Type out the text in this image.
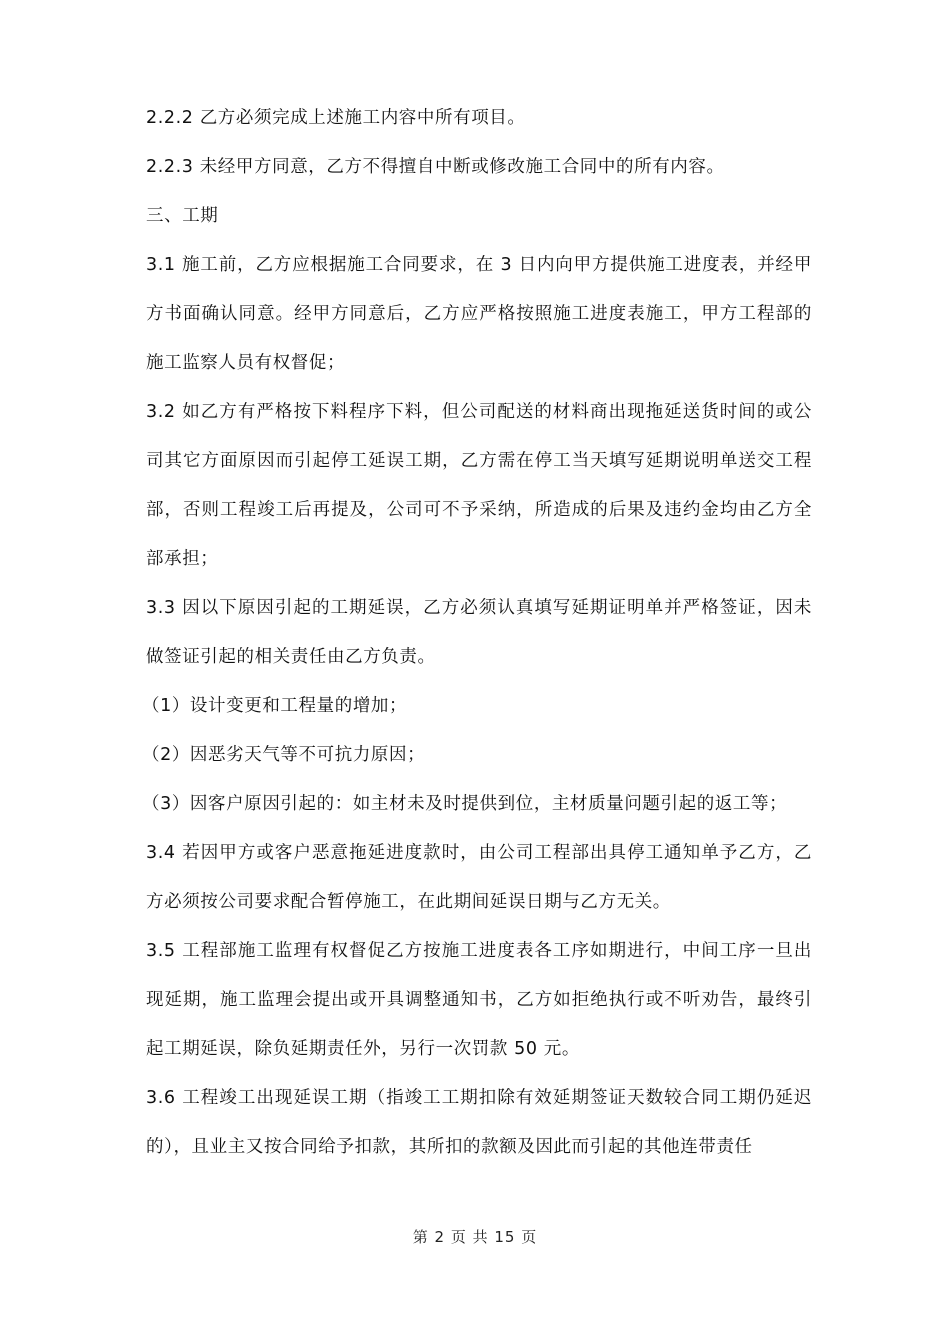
2.2.2 乙方必须完成上述施工内容中所有项目。

2.2.3 未经甲方同意，乙方不得擅自中断或修改施工合同中的所有内容。

三、工期

3.1 施工前，乙方应根据施工合同要求，在 3 日内向甲方提供施工进度表，并经甲方书面确认同意。经甲方同意后，乙方应严格按照施工进度表施工，甲方工程部的施工监察人员有权督促；

3.2 如乙方有严格按下料程序下料，但公司配送的材料商出现拖延送货时间的或公司其它方面原因而引起停工延误工期，乙方需在停工当天填写延期说明单送交工程部，否则工程竣工后再提及，公司可不予采纳，所造成的后果及违约金均由乙方全部承担；

3.3 因以下原因引起的工期延误，乙方必须认真填写延期证明单并严格签证，因未做签证引起的相关责任由乙方负责。

（1）设计变更和工程量的增加；

（2）因恶劣天气等不可抗力原因；

（3）因客户原因引起的：如主材未及时提供到位，主材质量问题引起的返工等；

3.4 若因甲方或客户恶意拖延进度款时，由公司工程部出具停工通知单予乙方，乙方必须按公司要求配合暂停施工，在此期间延误日期与乙方无关。

3.5 工程部施工监理有权督促乙方按施工进度表各工序如期进行，中间工序一旦出现延期，施工监理会提出或开具调整通知书，乙方如拒绝执行或不听劝告，最终引起工期延误，除负延期责任外，另行一次罚款 50 元。

3.6 工程竣工出现延误工期（指竣工工期扣除有效延期签证天数较合同工期仍延迟的），且业主又按合同给予扣款，其所扣的款额及因此而引起的其他连带责任

第 2 页 共 15 页
